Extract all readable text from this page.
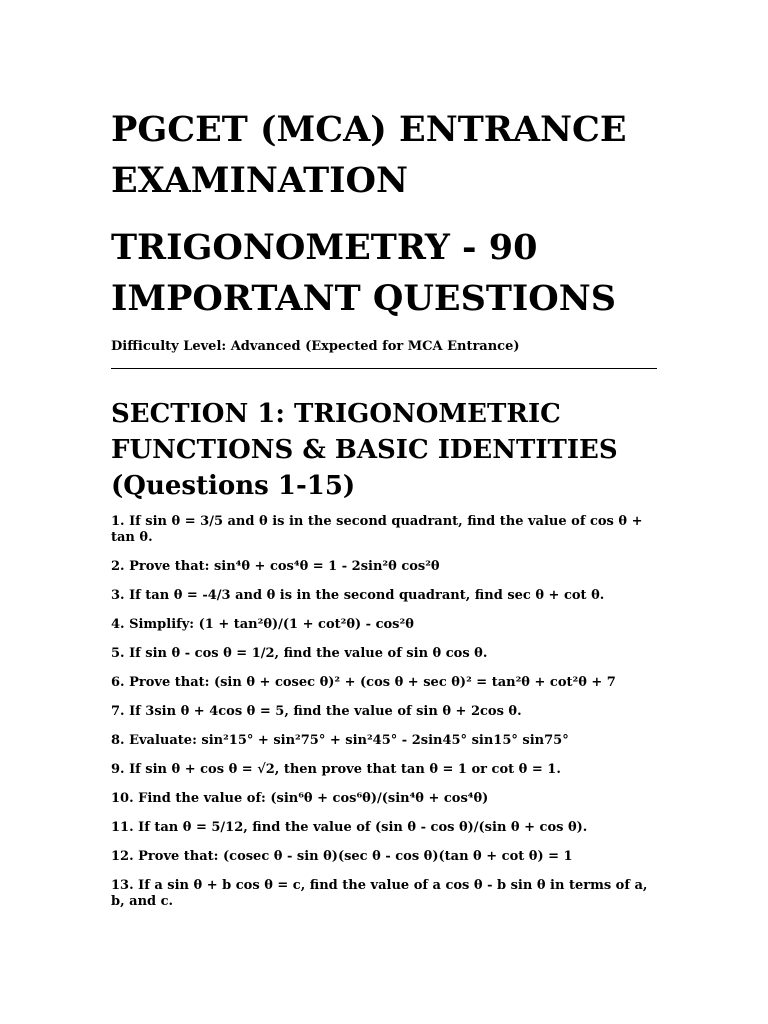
PGCET (MCA) ENTRANCE EXAMINATION
TRIGONOMETRY - 90 IMPORTANT QUESTIONS

Difficulty Level: Advanced (Expected for MCA Entrance)

SECTION 1: TRIGONOMETRIC FUNCTIONS & BASIC IDENTITIES (Questions 1-15)
1. If sin θ = 3/5 and θ is in the second quadrant, find the value of cos θ + tan θ.
2. Prove that: sin⁴θ + cos⁴θ = 1 - 2sin²θ cos²θ
3. If tan θ = -4/3 and θ is in the second quadrant, find sec θ + cot θ.
4. Simplify: (1 + tan²θ)/(1 + cot²θ) - cos²θ
5. If sin θ - cos θ = 1/2, find the value of sin θ cos θ.
6. Prove that: (sin θ + cosec θ)² + (cos θ + sec θ)² = tan²θ + cot²θ + 7
7. If 3sin θ + 4cos θ = 5, find the value of sin θ + 2cos θ.
8. Evaluate: sin²15° + sin²75° + sin²45° - 2sin45° sin15° sin75°
9. If sin θ + cos θ = √2, then prove that tan θ = 1 or cot θ = 1.
10. Find the value of: (sin⁶θ + cos⁶θ)/(sin⁴θ + cos⁴θ)
11. If tan θ = 5/12, find the value of (sin θ - cos θ)/(sin θ + cos θ).
12. Prove that: (cosec θ - sin θ)(sec θ - cos θ)(tan θ + cot θ) = 1
13. If a sin θ + b cos θ = c, find the value of a cos θ - b sin θ in terms of a, b, and c.
